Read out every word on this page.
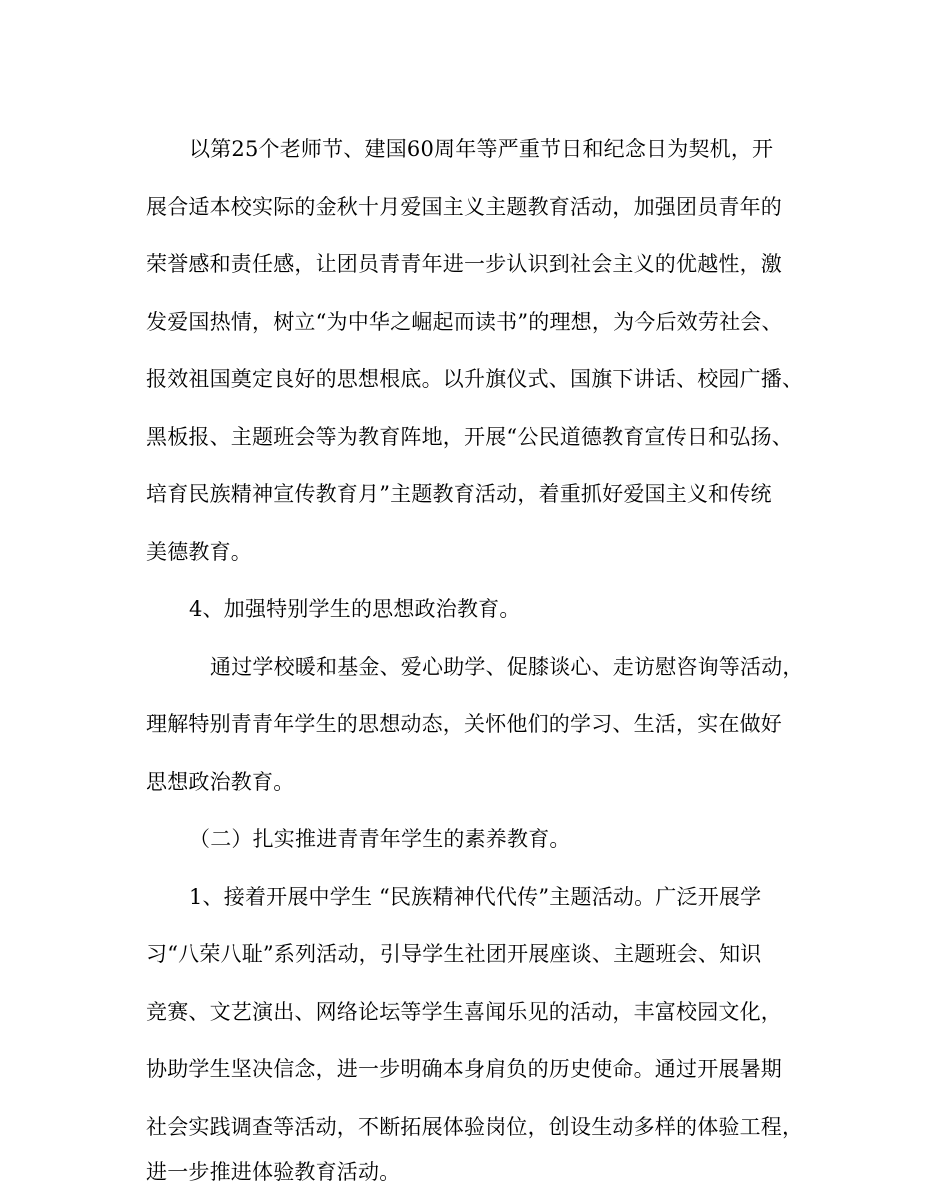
以第25个老师节、建国60周年等严重节日和纪念日为契机，开
展合适本校实际的金秋十月爱国主义主题教育活动，加强团员青年的
荣誉感和责任感，让团员青青年进一步认识到社会主义的优越性，激
发爱国热情，树立“为中华之崛起而读书”的理想，为今后效劳社会、
报效祖国奠定良好的思想根底。以升旗仪式、国旗下讲话、校园广播、
黑板报、主题班会等为教育阵地，开展“公民道德教育宣传日和弘扬、
培育民族精神宣传教育月”主题教育活动，着重抓好爱国主义和传统
美德教育。
4、加强特别学生的思想政治教育。
通过学校暖和基金、爱心助学、促膝谈心、走访慰咨询等活动，
理解特别青青年学生的思想动态，关怀他们的学习、生活，实在做好
思想政治教育。
（二）扎实推进青青年学生的素养教育。
1、接着开展中学生 “民族精神代代传”主题活动。广泛开展学
习“八荣八耻”系列活动，引导学生社团开展座谈、主题班会、知识
竞赛、文艺演出、网络论坛等学生喜闻乐见的活动，丰富校园文化，
协助学生坚决信念，进一步明确本身肩负的历史使命。通过开展暑期
社会实践调查等活动，不断拓展体验岗位，创设生动多样的体验工程，
进一步推进体验教育活动。
